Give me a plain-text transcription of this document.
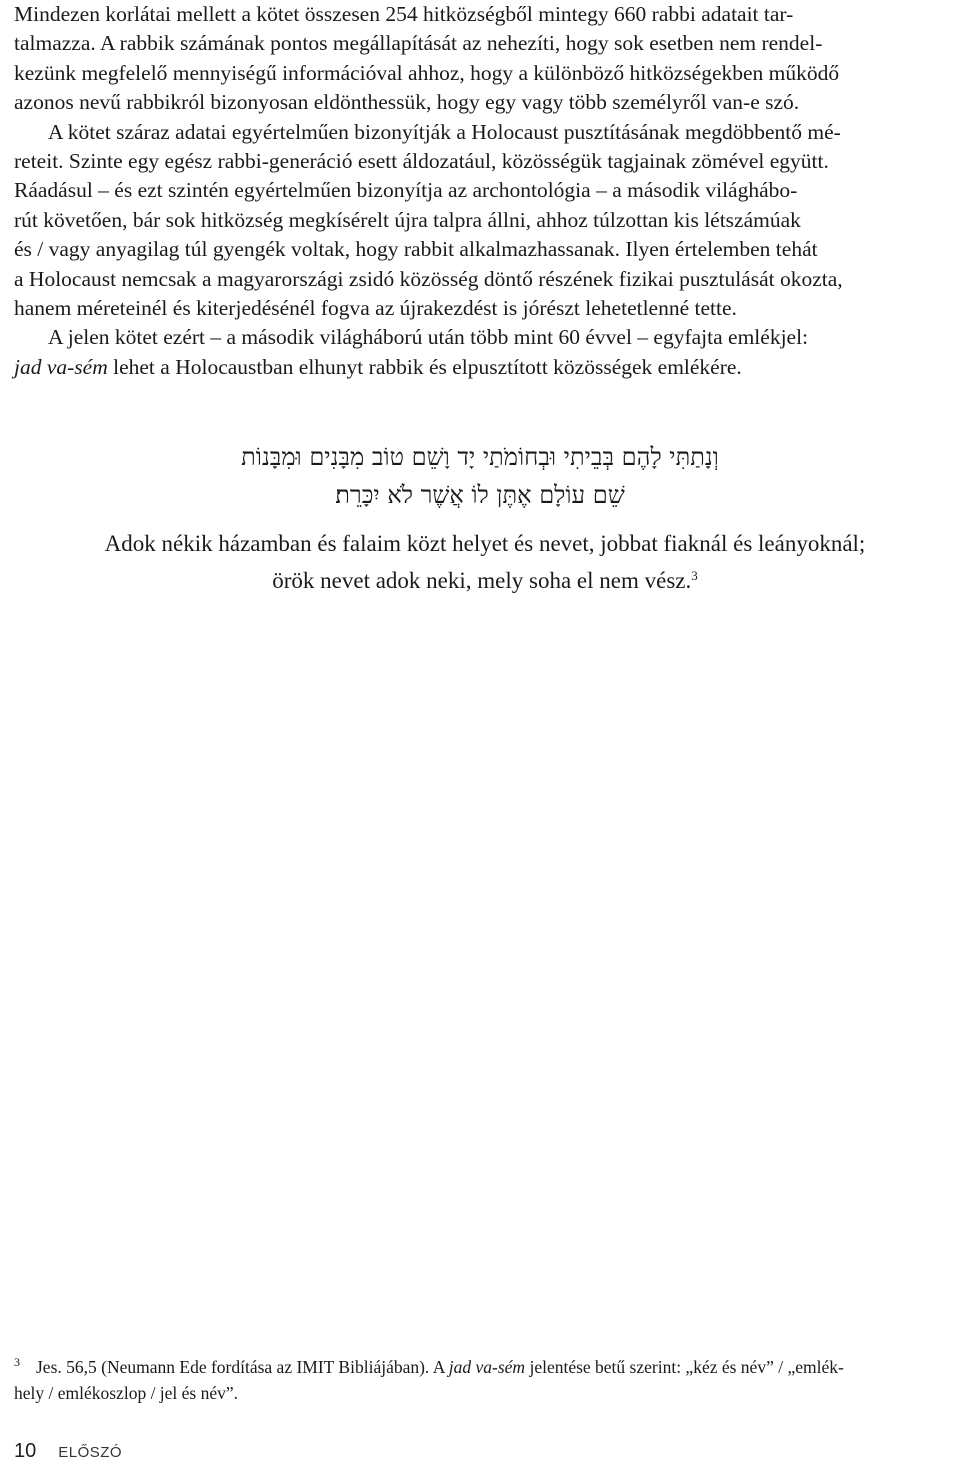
Mindezen korlátai mellett a kötet összesen 254 hitközségből mintegy 660 rabbi adatait tar-
talmazza. A rabbik számának pontos megállapítását az nehezíti, hogy sok esetben nem rendel-
kezünk megfelelő mennyiségű információval ahhoz, hogy a különböző hitközségekben működő
azonos nevű rabbikról bizonyosan eldönthessük, hogy egy vagy több személyről van-e szó.

A kötet száraz adatai egyértelműen bizonyítják a Holocaust pusztításának megdöbbentő mé-
reteit. Szinte egy egész rabbi-generáció esett áldozatául, közösségük tagjainak zömével együtt.
Ráadásul – és ezt szintén egyértelműen bizonyítja az archontológia – a második világhábo-
rút követően, bár sok hitközség megkísérelt újra talpra állni, ahhoz túlzottan kis létszámúak
és / vagy anyagilag túl gyengék voltak, hogy rabbit alkalmazhassanak. Ilyen értelemben tehát
a Holocaust nemcsak a magyarországi zsidó közösség döntő részének fizikai pusztulását okozta,
hanem méreteinél és kiterjedésénél fogva az újrakezdést is jórészt lehetetlenné tette.

A jelen kötet ezért – a második világháború után több mint 60 évvel – egyfajta emlékjel:
jad va-sém lehet a Holocaustban elhunyt rabbik és elpusztított közösségek emlékére.

וְנָתַתִּי לָהֶם בְּבֵיתִי וּבְחוֹמֹתַי יָד וָשֵׁם טוֹב מִבָּנִים וּמִבָּנוֹת
שֵׁם עוֹלָם אֶתֶּן לוֹ אֲשֶׁר לֹא יִכָּרֵת׃
Adok nékik házamban és falaim közt helyet és nevet, jobbat fiaknál és leányoknál;
örök nevet adok neki, mely soha el nem vész.$^3$
3 Jes. 56,5 (Neumann Ede fordítása az IMIT Bibliájában). A jad va-sém jelentése betű szerint: „kéz és név” / „emlék-
hely / emlékoszlop / jel és név”.
10 ELŐSZÓ
